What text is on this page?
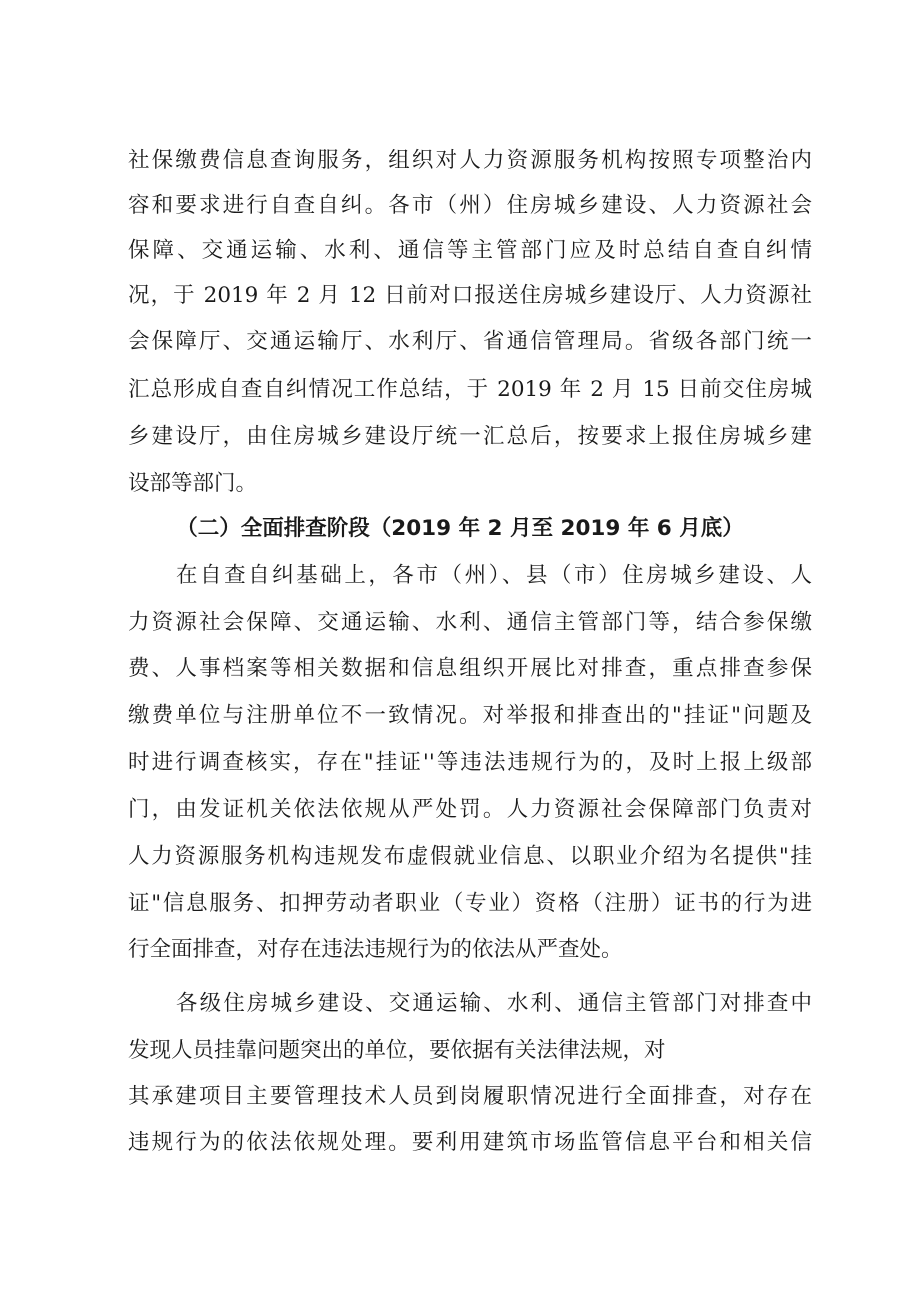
社保缴费信息查询服务，组织对人力资源服务机构按照专项整治内
容和要求进行自查自纠。各市（州）住房城乡建设、人力资源社会
保障、交通运输、水利、通信等主管部门应及时总结自查自纠情
况，于 2019 年 2 月 12 日前对口报送住房城乡建设厅、人力资源社
会保障厅、交通运输厅、水利厅、省通信管理局。省级各部门统一
汇总形成自查自纠情况工作总结，于 2019 年 2 月 15 日前交住房城
乡建设厅，由住房城乡建设厅统一汇总后，按要求上报住房城乡建
设部等部门。
（二）全面排查阶段（2019 年 2 月至 2019 年 6 月底）
在自查自纠基础上，各市（州）、县（市）住房城乡建设、人
力资源社会保障、交通运输、水利、通信主管部门等，结合参保缴
费、人事档案等相关数据和信息组织开展比对排查，重点排查参保
缴费单位与注册单位不一致情况。对举报和排查出的"挂证"问题及
时进行调查核实，存在"挂证''等违法违规行为的，及时上报上级部
门，由发证机关依法依规从严处罚。人力资源社会保障部门负责对
人力资源服务机构违规发布虚假就业信息、以职业介绍为名提供"挂
证"信息服务、扣押劳动者职业（专业）资格（注册）证书的行为进
行全面排查，对存在违法违规行为的依法从严查处。
各级住房城乡建设、交通运输、水利、通信主管部门对排查中
发现人员挂靠问题突出的单位，要依据有关法律法规，对
其承建项目主要管理技术人员到岗履职情况进行全面排查，对存在
违规行为的依法依规处理。要利用建筑市场监管信息平台和相关信
